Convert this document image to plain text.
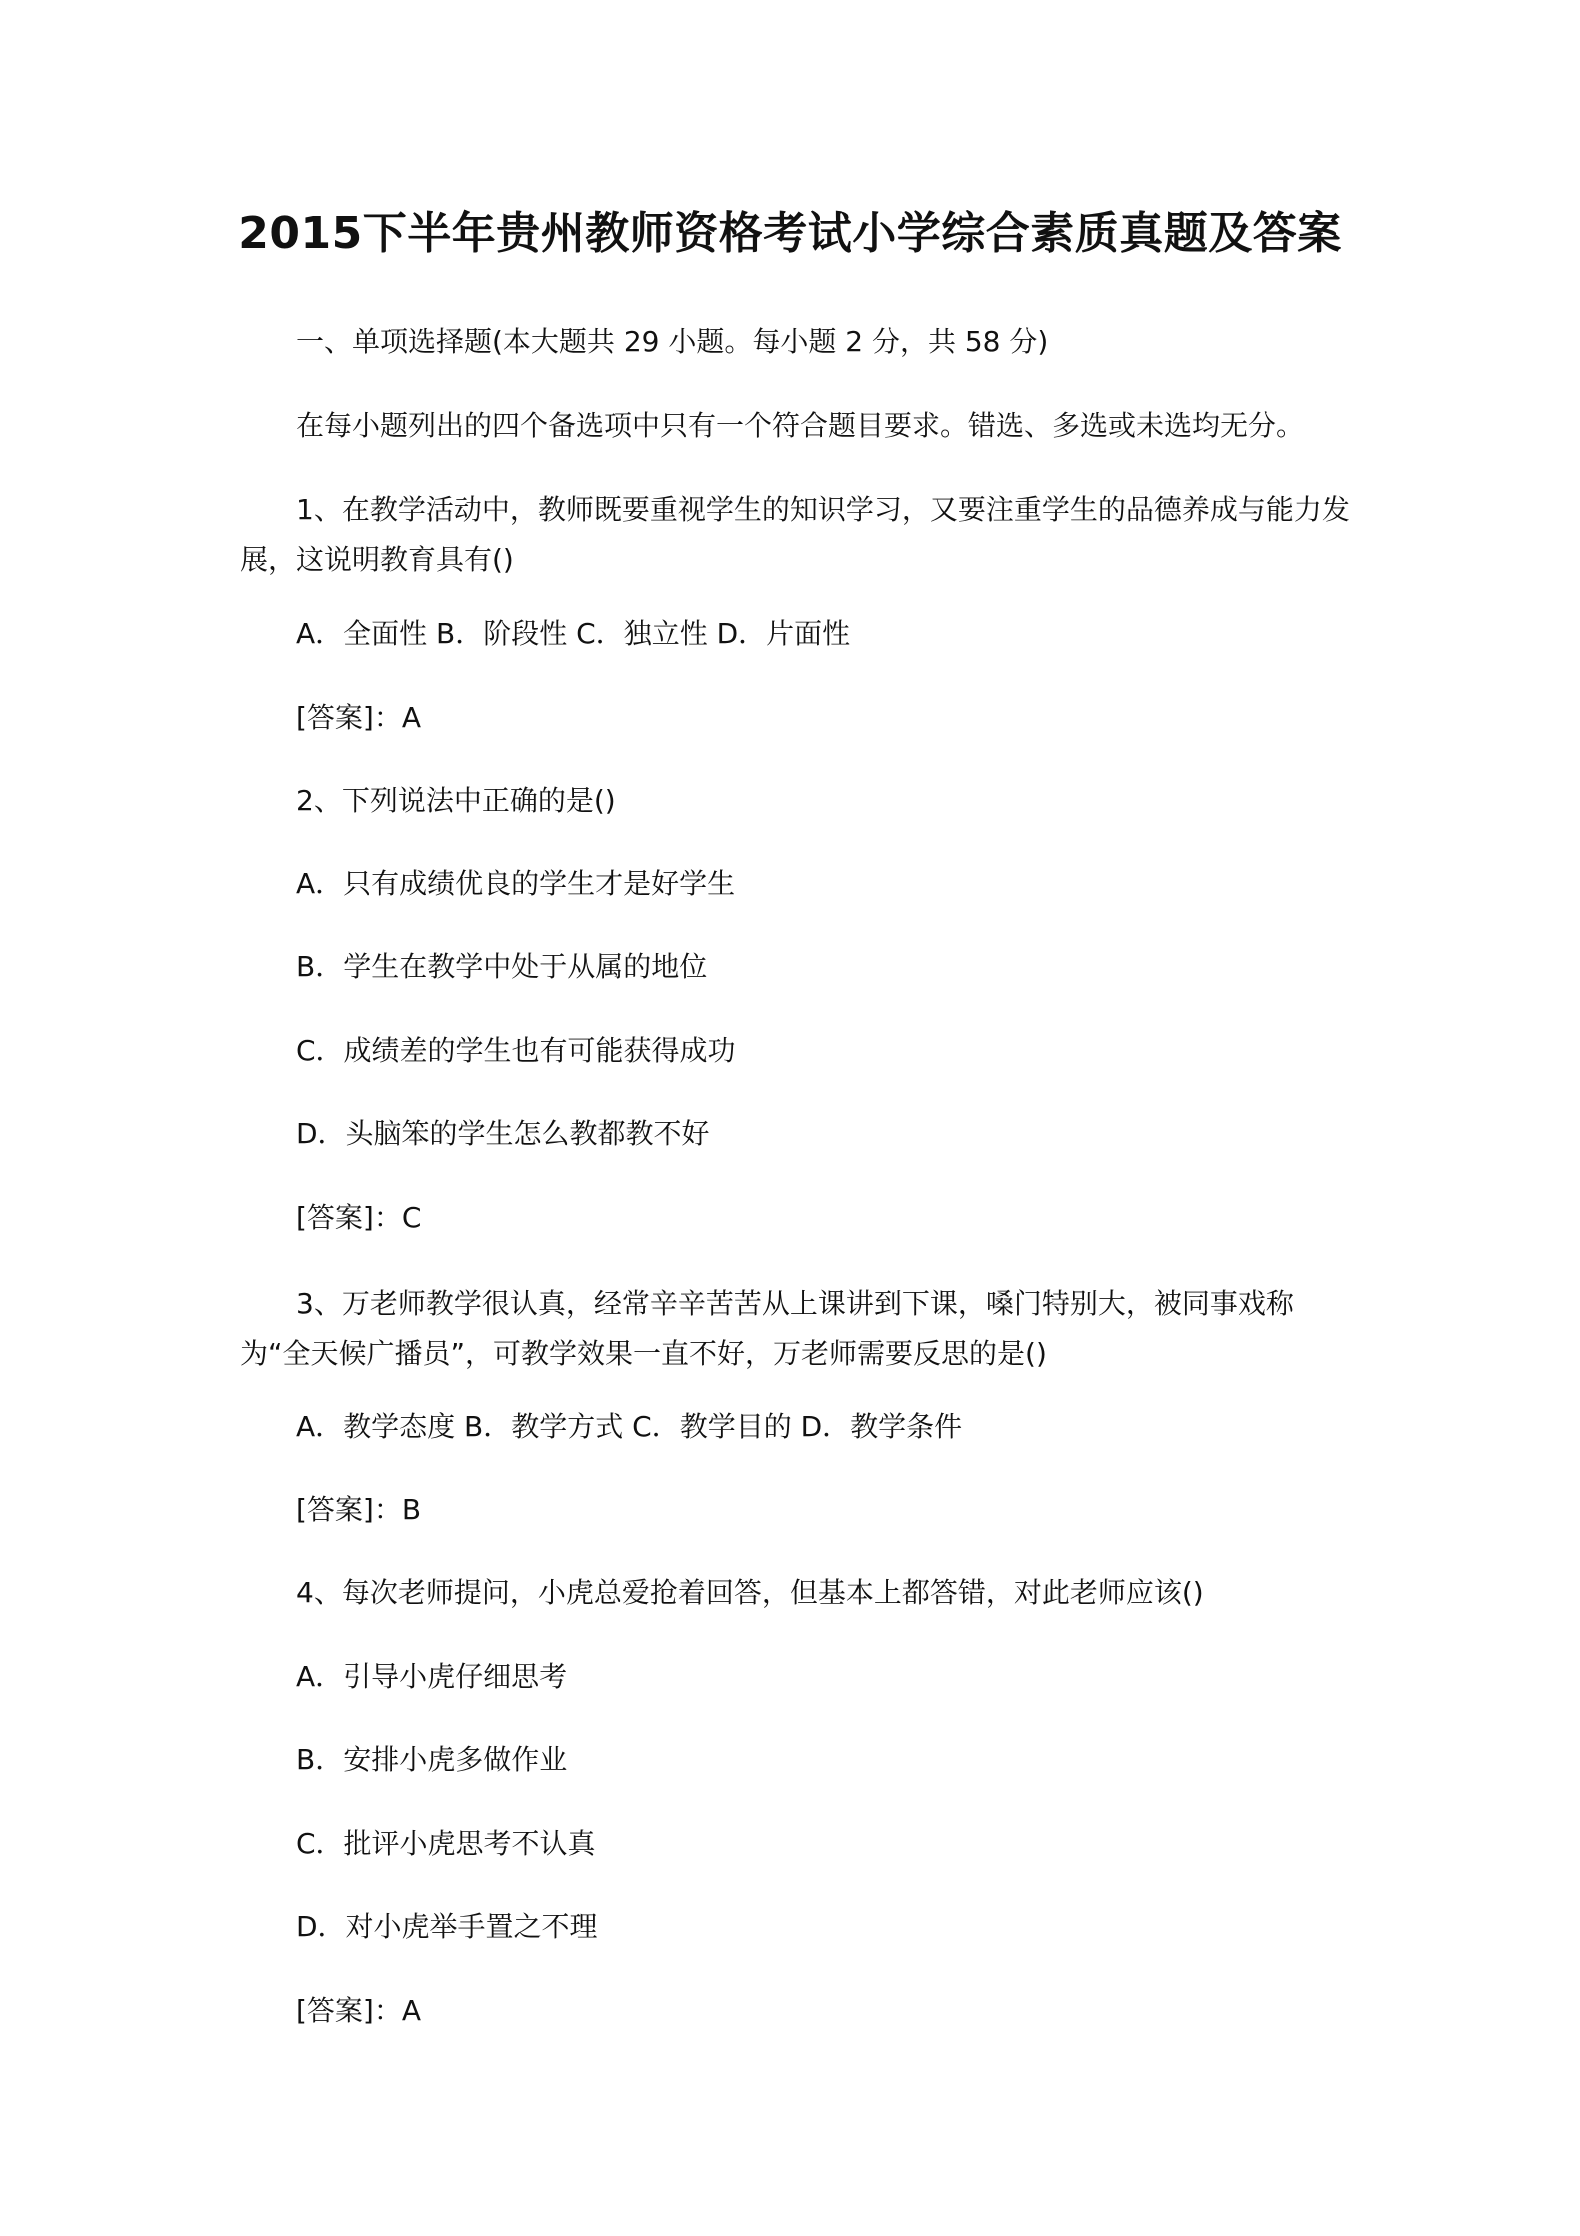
2015下半年贵州教师资格考试小学综合素质真题及答案
一、单项选择题(本大题共 29 小题。每小题 2 分，共 58 分)
在每小题列出的四个备选项中只有一个符合题目要求。错选、多选或未选均无分。
1、在教学活动中，教师既要重视学生的知识学习，又要注重学生的品德养成与能力发展，这说明教育具有()
A．全面性 B．阶段性 C．独立性 D．片面性
[答案]：A
2、下列说法中正确的是()
A．只有成绩优良的学生才是好学生
B．学生在教学中处于从属的地位
C．成绩差的学生也有可能获得成功
D．头脑笨的学生怎么教都教不好
[答案]：C
3、万老师教学很认真，经常辛辛苦苦从上课讲到下课，嗓门特别大，被同事戏称为“全天候广播员”，可教学效果一直不好，万老师需要反思的是()
A．教学态度 B．教学方式 C．教学目的 D．教学条件
[答案]：B
4、每次老师提问，小虎总爱抢着回答，但基本上都答错，对此老师应该()
A．引导小虎仔细思考
B．安排小虎多做作业
C．批评小虎思考不认真
D．对小虎举手置之不理
[答案]：A
